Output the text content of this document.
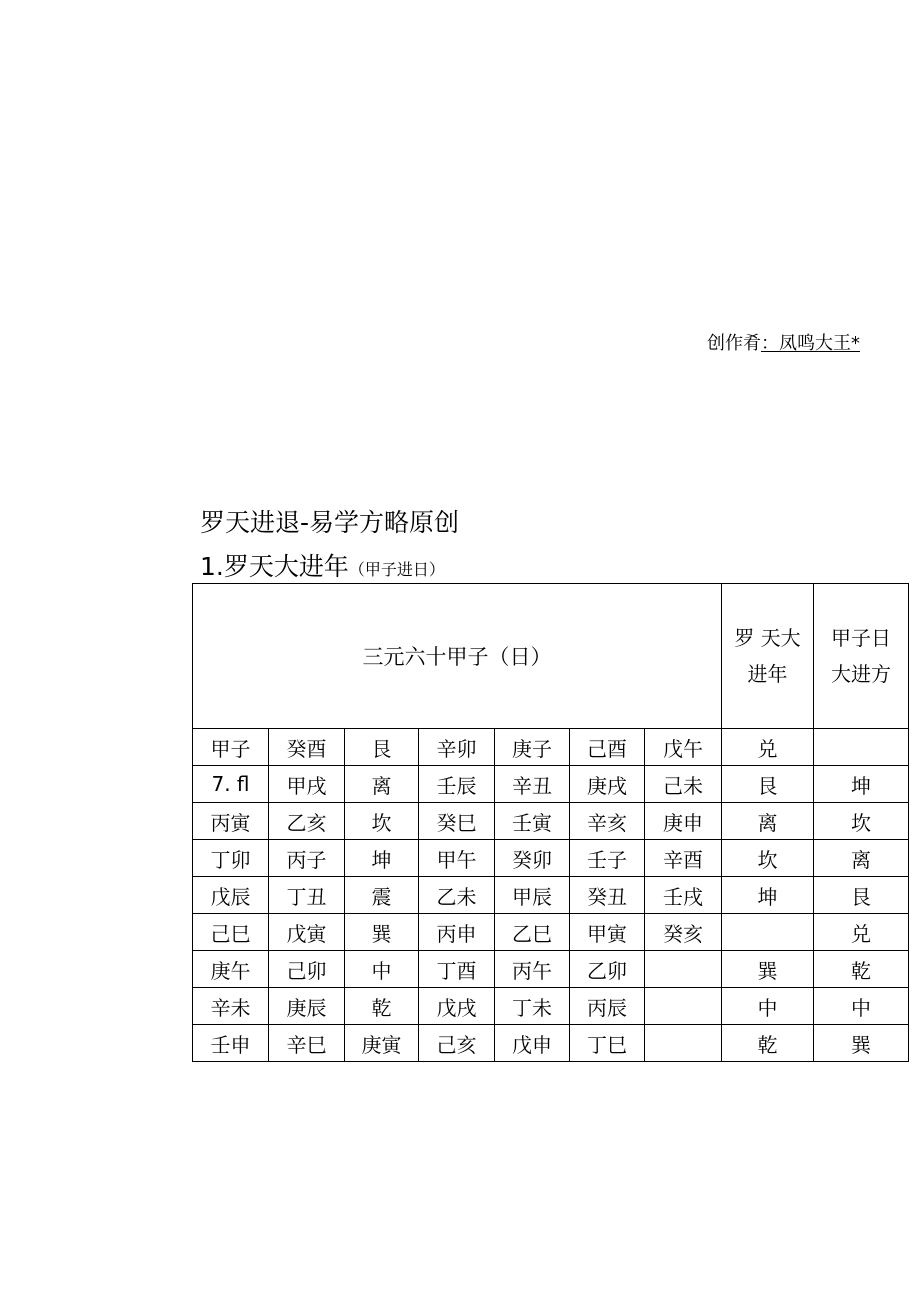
创作肴：凤鸣大王*
罗天进退-易学方略原创
1.罗天大进年（甲子进日）
三元六十甲子（日）							罗 天大进年	甲子日大进方
甲子	癸酉	艮	辛卯	庚子	己酉	戊午	兑	
7. fl	甲戌	离	壬辰	辛丑	庚戌	己未	艮	坤
丙寅	乙亥	坎	癸巳	壬寅	辛亥	庚申	离	坎
丁卯	丙子	坤	甲午	癸卯	壬子	辛酉	坎	离
戊辰	丁丑	震	乙未	甲辰	癸丑	壬戌	坤	艮
己巳	戊寅	巽	丙申	乙巳	甲寅	癸亥		兑
庚午	己卯	中	丁酉	丙午	乙卯		巽	乾
辛未	庚辰	乾	戊戌	丁未	丙辰		中	中
壬申	辛巳	庚寅	己亥	戊申	丁巳		乾	巽
